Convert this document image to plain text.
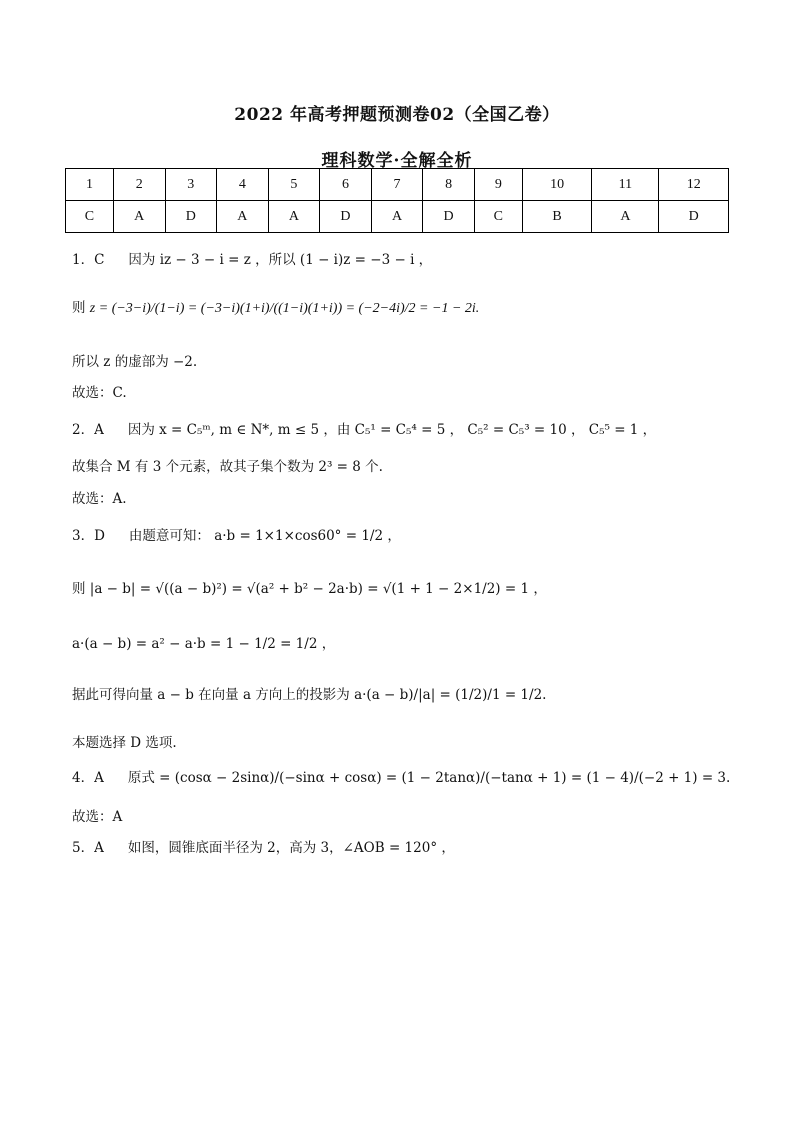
2022 年高考押题预测卷02（全国乙卷）
理科数学·全解全析
1	2	3	4	5	6	7	8	9	10	11	12
C	A	D	A	A	D	A	D	C	B	A	D
1．C 因为 iz − 3 − i = z ，所以 (1 − i)z = −3 − i ，
则 z = (−3−i)/(1−i) = (−3−i)(1+i)/((1−i)(1+i)) = (−2−4i)/2 = −1 − 2i.
所以 z 的虚部为 −2.
故选：C.
2．A 因为 x = C₅ᵐ, m ∈ N*, m ≤ 5 ，由 C₅¹ = C₅⁴ = 5 ， C₅² = C₅³ = 10 ， C₅⁵ = 1 ，
故集合 M 有 3 个元素，故其子集个数为 2³ = 8 个.
故选：A.
3．D 由题意可知： a·b = 1×1×cos60° = 1/2 ，
则 |a − b| = √((a − b)²) = √(a² + b² − 2a·b) = √(1 + 1 − 2×1/2) = 1 ，
a·(a − b) = a² − a·b = 1 − 1/2 = 1/2 ，
据此可得向量 a − b 在向量 a 方向上的投影为 a·(a − b)/|a| = (1/2)/1 = 1/2.
本题选择 D 选项.
4．A 原式 = (cosα − 2sinα)/(−sinα + cosα) = (1 − 2tanα)/(−tanα + 1) = (1 − 4)/(−2 + 1) = 3.
故选：A
5．A 如图，圆锥底面半径为 2，高为 3，∠AOB = 120° ，
